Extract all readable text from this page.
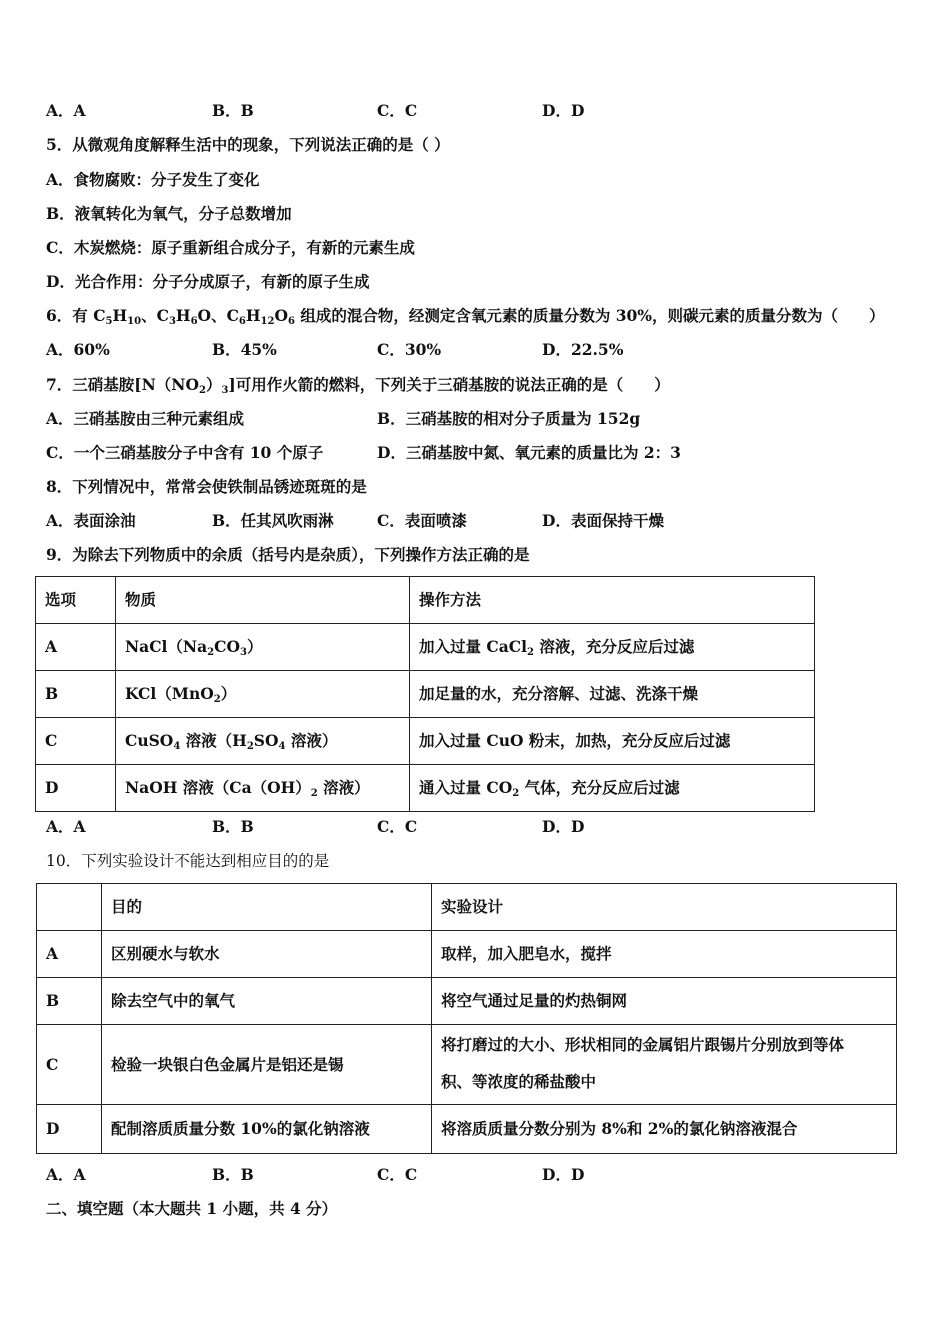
A．A	B．B	C．C	D．D
5．从微观角度解释生活中的现象，下列说法正确的是（ ）
A．食物腐败：分子发生了变化
B．液氧转化为氧气，分子总数增加
C．木炭燃烧：原子重新组合成分子，有新的元素生成
D．光合作用：分子分成原子，有新的原子生成
6．有 $C_5H_{10}$、$C_3H_6O$、$C_6H_{12}O_6$ 组成的混合物，经测定含氧元素的质量分数为 30%，则碳元素的质量分数为（　　）
A．60%	B．45%	C．30%	D．22.5%
7．三硝基胺$[N(NO_2)_3]$可用作火箭的燃料，下列关于三硝基胺的说法正确的是（　　）
A．三硝基胺由三种元素组成	B．三硝基胺的相对分子质量为 152g
C．一个三硝基胺分子中含有 10 个原子	D．三硝基胺中氮、氧元素的质量比为 2：3
8．下列情况中，常常会使铁制品锈迹斑斑的是
A．表面涂油	B．任其风吹雨淋	C．表面喷漆	D．表面保持干燥
9．为除去下列物质中的余质（括号内是杂质），下列操作方法正确的是
选项	物质	操作方法
A	$NaCl(Na_2CO_3)$	加入过量 CaCl$_2$ 溶液，充分反应后过滤
B	KCl（MnO$_2$）	加足量的水，充分溶解、过滤、洗涤干燥
C	CuSO$_4$ 溶液（$H_2SO_4$ 溶液）	加入过量 CuO 粉末，加热，充分反应后过滤
D	NaOH 溶液（$Ca(OH)_2$ 溶液）	通入过量 $CO_2$ 气体，充分反应后过滤
A．A	B．B	C．C	D．D
10．下列实验设计不能达到相应目的的是
	目的	实验设计
A	区别硬水与软水	取样，加入肥皂水，搅拌
B	除去空气中的氧气	将空气通过足量的灼热铜网
C	检验一块银白色金属片是铝还是锡	将打磨过的大小、形状相同的金属铝片跟锡片分别放到等体
积、等浓度的稀盐酸中

D	配制溶质质量分数 10%的氯化钠溶液	将溶质质量分数分别为 8%和 2%的氯化钠溶液混合
A．A	B．B	C．C	D．D
二、填空题（本大题共 1 小题，共 4 分）
